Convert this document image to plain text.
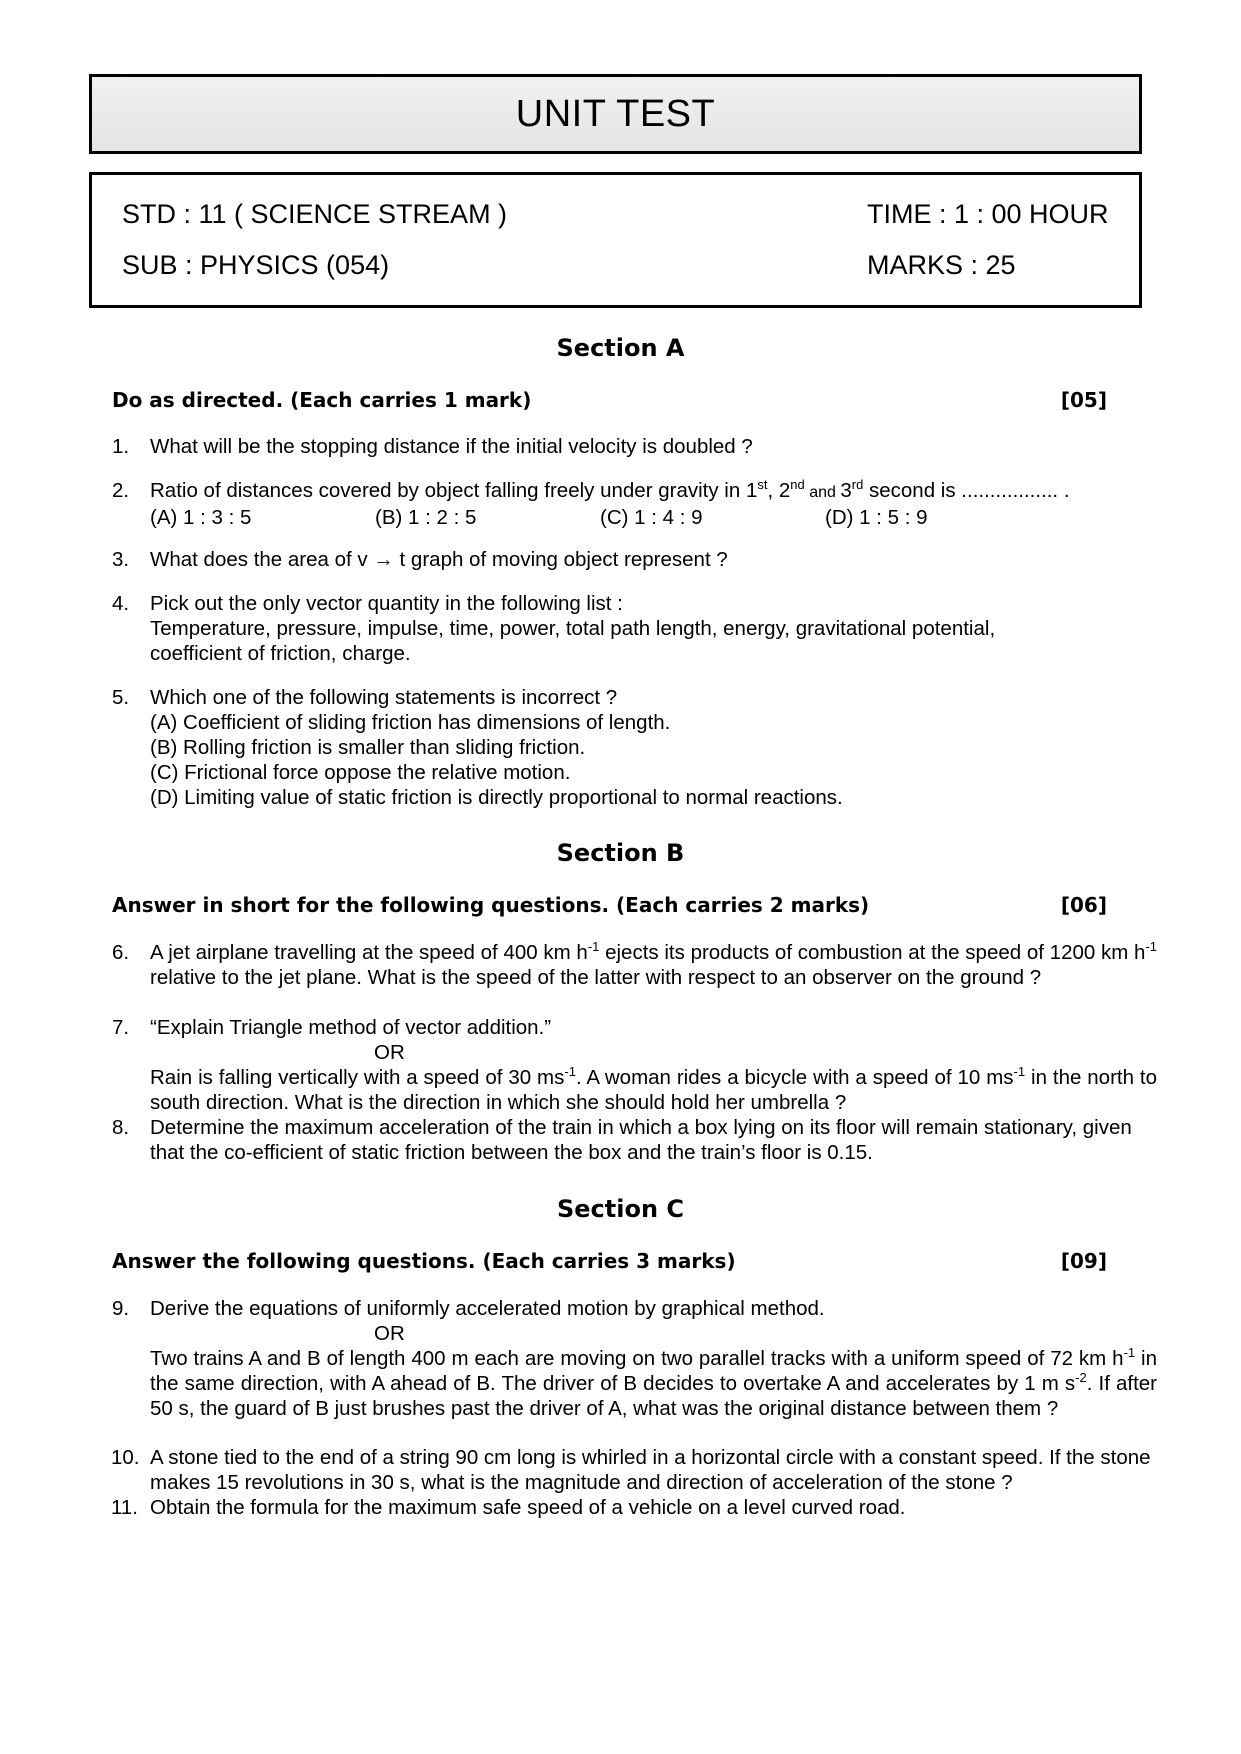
UNIT TEST
STD : 11 ( SCIENCE STREAM )
SUB : PHYSICS (054)
TIME : 1 : 00 HOUR
MARKS : 25
Section A
Do as directed. (Each carries 1 mark)	[05]
1. What will be the stopping distance if the initial velocity is doubled ?
2. Ratio of distances covered by object falling freely under gravity in 1st, 2nd and 3rd second is ................. .
(A) 1 : 3 : 5	(B) 1 : 2 : 5	(C) 1 : 4 : 9	(D) 1 : 5 : 9
3. What does the area of v → t graph of moving object represent ?
4. Pick out the only vector quantity in the following list :
Temperature, pressure, impulse, time, power, total path length, energy, gravitational potential,
coefficient of friction, charge.
5. Which one of the following statements is incorrect ?
(A) Coefficient of sliding friction has dimensions of length.
(B) Rolling friction is smaller than sliding friction.
(C) Frictional force oppose the relative motion.
(D) Limiting value of static friction is directly proportional to normal reactions.
Section B
Answer in short for the following questions. (Each carries 2 marks)	[06]
6. A jet airplane travelling at the speed of 400 km $h^{-1}$ ejects its products of combustion at the speed of 1200 km $h^{-1}$ relative to the jet plane. What is the speed of the latter with respect to an observer on the ground ?
7. “Explain Triangle method of vector addition.”
OR
Rain is falling vertically with a speed of 30 $ms^{-1}$. A woman rides a bicycle with a speed of 10 $ms^{-1}$ in the north to south direction. What is the direction in which she should hold her umbrella ?
8. Determine the maximum acceleration of the train in which a box lying on its floor will remain stationary, given that the co-efficient of static friction between the box and the train’s floor is 0.15.
Section C
Answer the following questions. (Each carries 3 marks)	[09]
9. Derive the equations of uniformly accelerated motion by graphical method.
OR
Two trains A and B of length 400 m each are moving on two parallel tracks with a uniform speed of 72 km $h^{-1}$ in the same direction, with A ahead of B. The driver of B decides to overtake A and accelerates by 1 m $s^{-2}$. If after 50 s, the guard of B just brushes past the driver of A, what was the original distance between them ?
10. A stone tied to the end of a string 90 cm long is whirled in a horizontal circle with a constant speed. If the stone makes 15 revolutions in 30 s, what is the magnitude and direction of acceleration of the stone ?
11. Obtain the formula for the maximum safe speed of a vehicle on a level curved road.
